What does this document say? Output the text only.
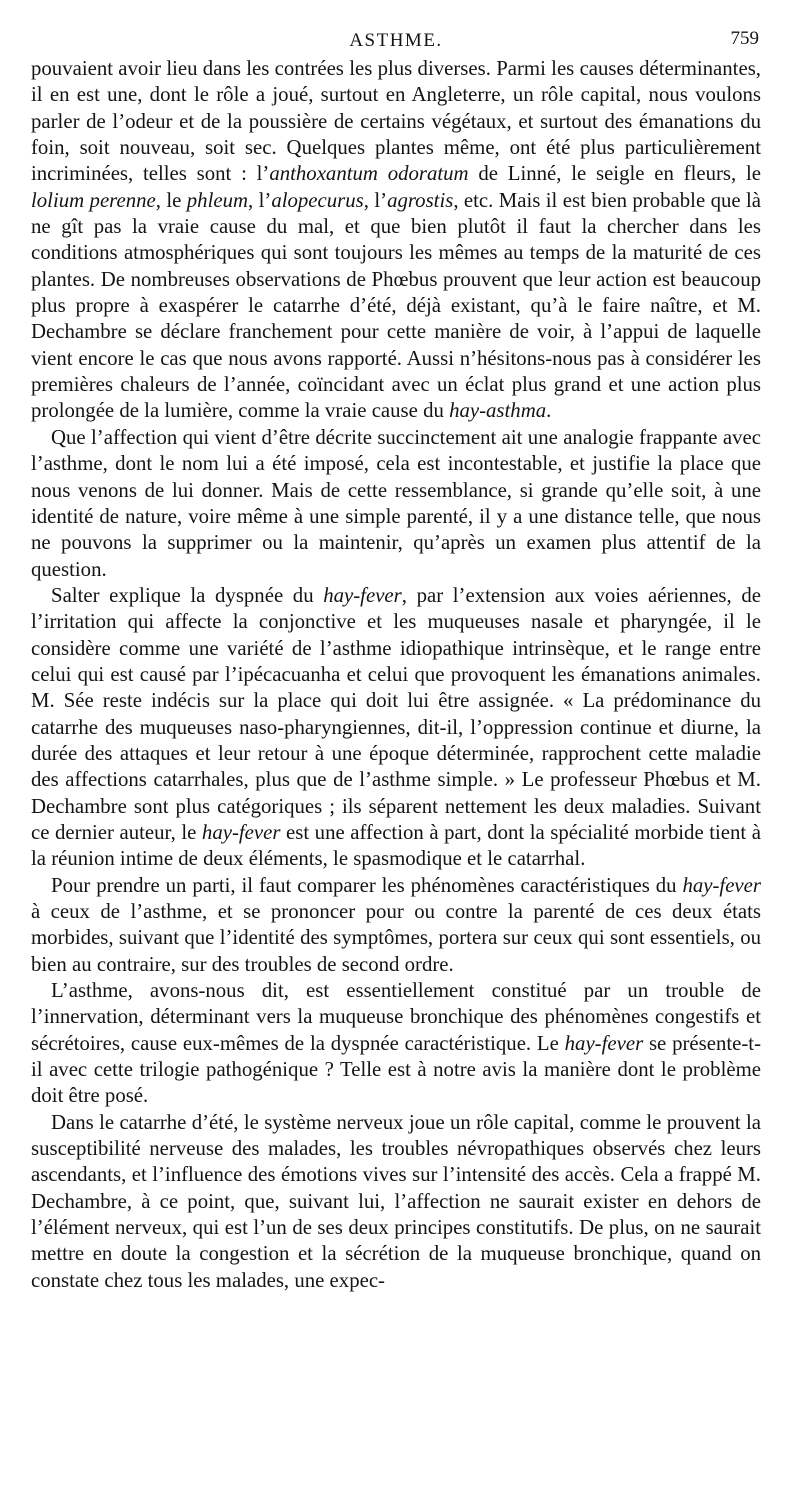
ASTHME.	759

pouvaient avoir lieu dans les contrées les plus diverses. Parmi les causes déterminantes, il en est une, dont le rôle a joué, surtout en Angleterre, un rôle capital, nous voulons parler de l’odeur et de la poussière de certains végétaux, et surtout des émanations du foin, soit nouveau, soit sec. Quelques plantes même, ont été plus particulièrement incriminées, telles sont : l’anthoxantum odoratum de Linné, le seigle en fleurs, le lolium perenne, le phleum, l’alopecurus, l’agrostis, etc. Mais il est bien probable que là ne gît pas la vraie cause du mal, et que bien plutôt il faut la chercher dans les conditions atmosphériques qui sont toujours les mêmes au temps de la maturité de ces plantes. De nombreuses observations de Phœbus prouvent que leur action est beaucoup plus propre à exaspérer le catarrhe d’été, déjà existant, qu’à le faire naître, et M. Dechambre se déclare franchement pour cette manière de voir, à l’appui de laquelle vient encore le cas que nous avons rapporté. Aussi n’hésitons-nous pas à considérer les premières chaleurs de l’année, coïncidant avec un éclat plus grand et une action plus prolongée de la lumière, comme la vraie cause du hay-asthma.

Que l’affection qui vient d’être décrite succinctement ait une analogie frappante avec l’asthme, dont le nom lui a été imposé, cela est incontestable, et justifie la place que nous venons de lui donner. Mais de cette ressemblance, si grande qu’elle soit, à une identité de nature, voire même à une simple parenté, il y a une distance telle, que nous ne pouvons la supprimer ou la maintenir, qu’après un examen plus attentif de la question.

Salter explique la dyspnée du hay-fever, par l’extension aux voies aériennes, de l’irritation qui affecte la conjonctive et les muqueuses nasale et pharyngée, il le considère comme une variété de l’asthme idiopathique intrinsèque, et le range entre celui qui est causé par l’ipécacuanha et celui que provoquent les émanations animales. M. Sée reste indécis sur la place qui doit lui être assignée. « La prédominance du catarrhe des muqueuses naso-pharyngiennes, dit-il, l’oppression continue et diurne, la durée des attaques et leur retour à une époque déterminée, rapprochent cette maladie des affections catarrhales, plus que de l’asthme simple. » Le professeur Phœbus et M. Dechambre sont plus catégoriques ; ils séparent nettement les deux maladies. Suivant ce dernier auteur, le hay-fever est une affection à part, dont la spécialité morbide tient à la réunion intime de deux éléments, le spasmodique et le catarrhal.

Pour prendre un parti, il faut comparer les phénomènes caractéristiques du hay-fever à ceux de l’asthme, et se prononcer pour ou contre la parenté de ces deux états morbides, suivant que l’identité des symptômes, portera sur ceux qui sont essentiels, ou bien au contraire, sur des troubles de second ordre.

L’asthme, avons-nous dit, est essentiellement constitué par un trouble de l’innervation, déterminant vers la muqueuse bronchique des phénomènes congestifs et sécrétoires, cause eux-mêmes de la dyspnée caractéristique. Le hay-fever se présente-t-il avec cette trilogie pathogénique ? Telle est à notre avis la manière dont le problème doit être posé.

Dans le catarrhe d’été, le système nerveux joue un rôle capital, comme le prouvent la susceptibilité nerveuse des malades, les troubles névropathiques observés chez leurs ascendants, et l’influence des émotions vives sur l’intensité des accès. Cela a frappé M. Dechambre, à ce point, que, suivant lui, l’affection ne saurait exister en dehors de l’élément nerveux, qui est l’un de ses deux principes constitutifs. De plus, on ne saurait mettre en doute la congestion et la sécrétion de la muqueuse bronchique, quand on constate chez tous les malades, une expec-
